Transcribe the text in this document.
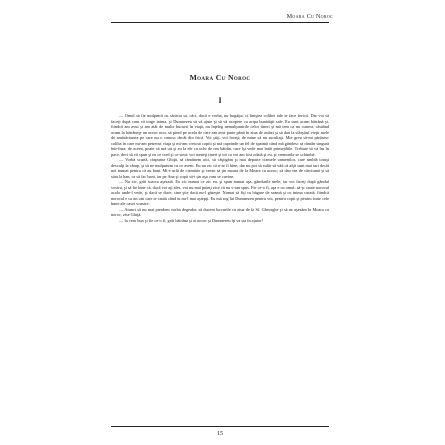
Moara Cu Noroc
Moara Cu Noroc
I

— Omul să fie mulţumit cu sărăcia sa, căci, dacă e vorba, nu bogăţia, ci liniştea colibei tale te face fericit. Dar voi să faceţi după cum vă trage inima, şi Dumnezeu să vă ajute şi să vă acopere cu aripa bunătăţii sale. Eu sunt acum bătrână şi, fiindcă am avut şi am atât de multe bucurii în viaţă, nu înţeleg nemulţumirile celor tineri şi mă tem ca nu cumva, căutând acum la bătrâneţe un noroc nou, să pierd pe acela de care am avut parte până în ziua de astăzi şi să dau la sfârşitul vieţii mele de amărăciunea pe care nu o cunosc decât din frică. Voi ştiţi, voi faceţi; de mine să nu ascultaţi. Mie greu să-mi părăsesc coliba în care mi-am petrecut viaţa şi mi-am crescut copiii şi mă cuprinde un fel de spaimă când mă gândesc să rămân singură într-însa: de aceea, poate că mă uit şi eu la ele cu ochi de om bătrân, care îşi vede mai întâi primejdiile. Trebuie să vă las în pace, deci să vă spun şi eu ce cred şi ce simt: voi sunteţi tineri şi tot ca voi am fost odată şi eu, şi vremurile se schimbă.

— Vorbă scurtă, răspunse Ghiţă, să rămânem aici, să câştigăm şi mai departe cizmele oamenilor, care umblă totuşi desculţi la câmp, şi să ne mulţumim cu ce avem. Eu nu zic că n-ar fi bine, dar nu pot să sufăr să văd că alţii sunt mai tari decât noi numai pentru că au bani. Mi-e urât de cizmărie şi vreau să ţin moara de la Moara cu noroc; să dau vin de cârciumă şi să stau la han, ca să fac bani, iar pe Ana şi copii să-i ţin aşa cum se cuvine.

— Nu zic, grăi soacra aşezată. Eu zic numai ce zic eu, şi spun numai aşa, gândurile mele, iar voi faceţi după gândul vostru, şi să fie bine că, dacă voi aţi ales, voi nu mai puteţi zice că nu v-am spus. Fie ce-o fi, aşa e cu omul: să-şi caute norocul acolo unde-l vede, şi dacă se duce, cine ştie dacă nu-l găseşte. Numai să fiţi cu băgare de seamă şi cu inima curată, fiindcă norocul e ca un om care te caută când tu nu-l mai aştepţi. Eu mă rog lui Dumnezeu pentru voi, pentru copii şi pentru toate cele bune ale casei voastre.

— Atunci să nu mai pierdem vorba degeaba: să ducem lucrurile cu ziua de la Sf. Gheorghe şi să ne aşezăm la Moara cu noroc, zise Ghiţă.

— Ia ceas bun şi fie ce-o fi, grăi bătrâna şi ai noroc şi Dumnezeu îţi va sta în ajutor!

15
